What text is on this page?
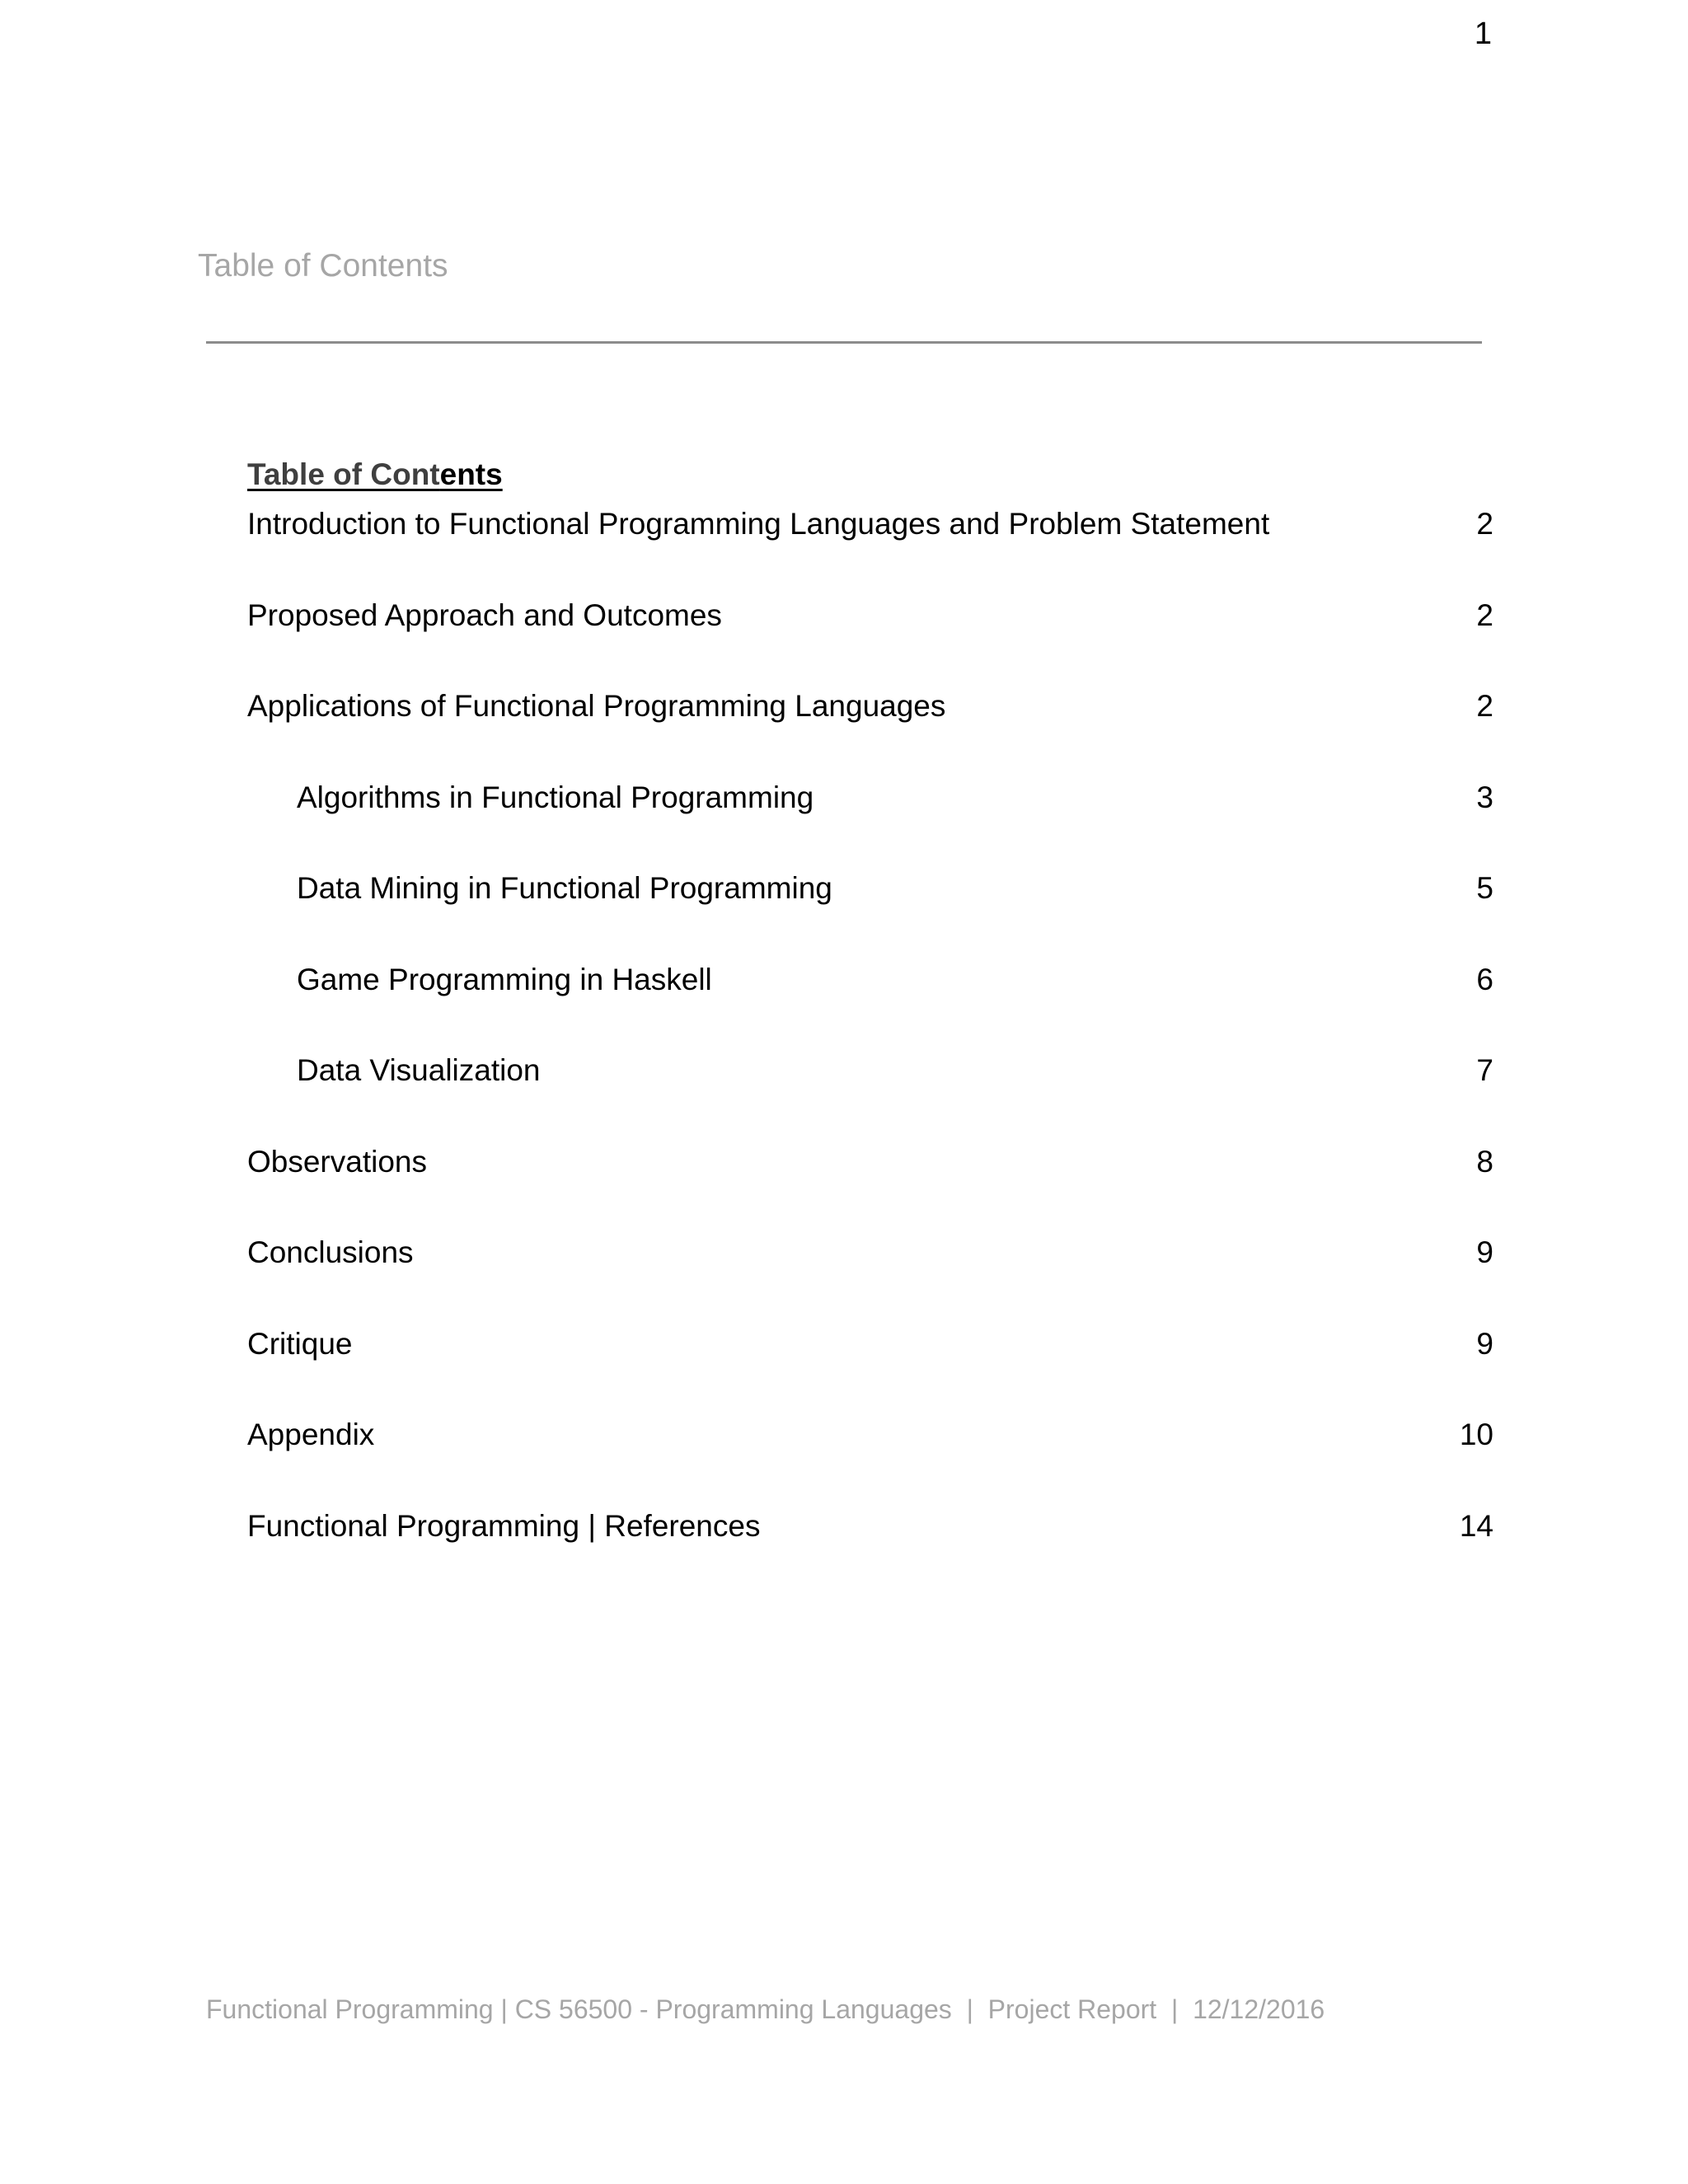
1
Table of Contents
Table of Contents
Introduction to Functional Programming Languages and Problem Statement	2
Proposed Approach and Outcomes	2
Applications of Functional Programming Languages	2
Algorithms in Functional Programming	3
Data Mining in Functional Programming	5
Game Programming in Haskell	6
Data Visualization	7
Observations	8
Conclusions	9
Critique	9
Appendix	10
Functional Programming | References	14
Functional Programming | CS 56500 - Programming Languages  |  Project Report  |  12/12/2016
